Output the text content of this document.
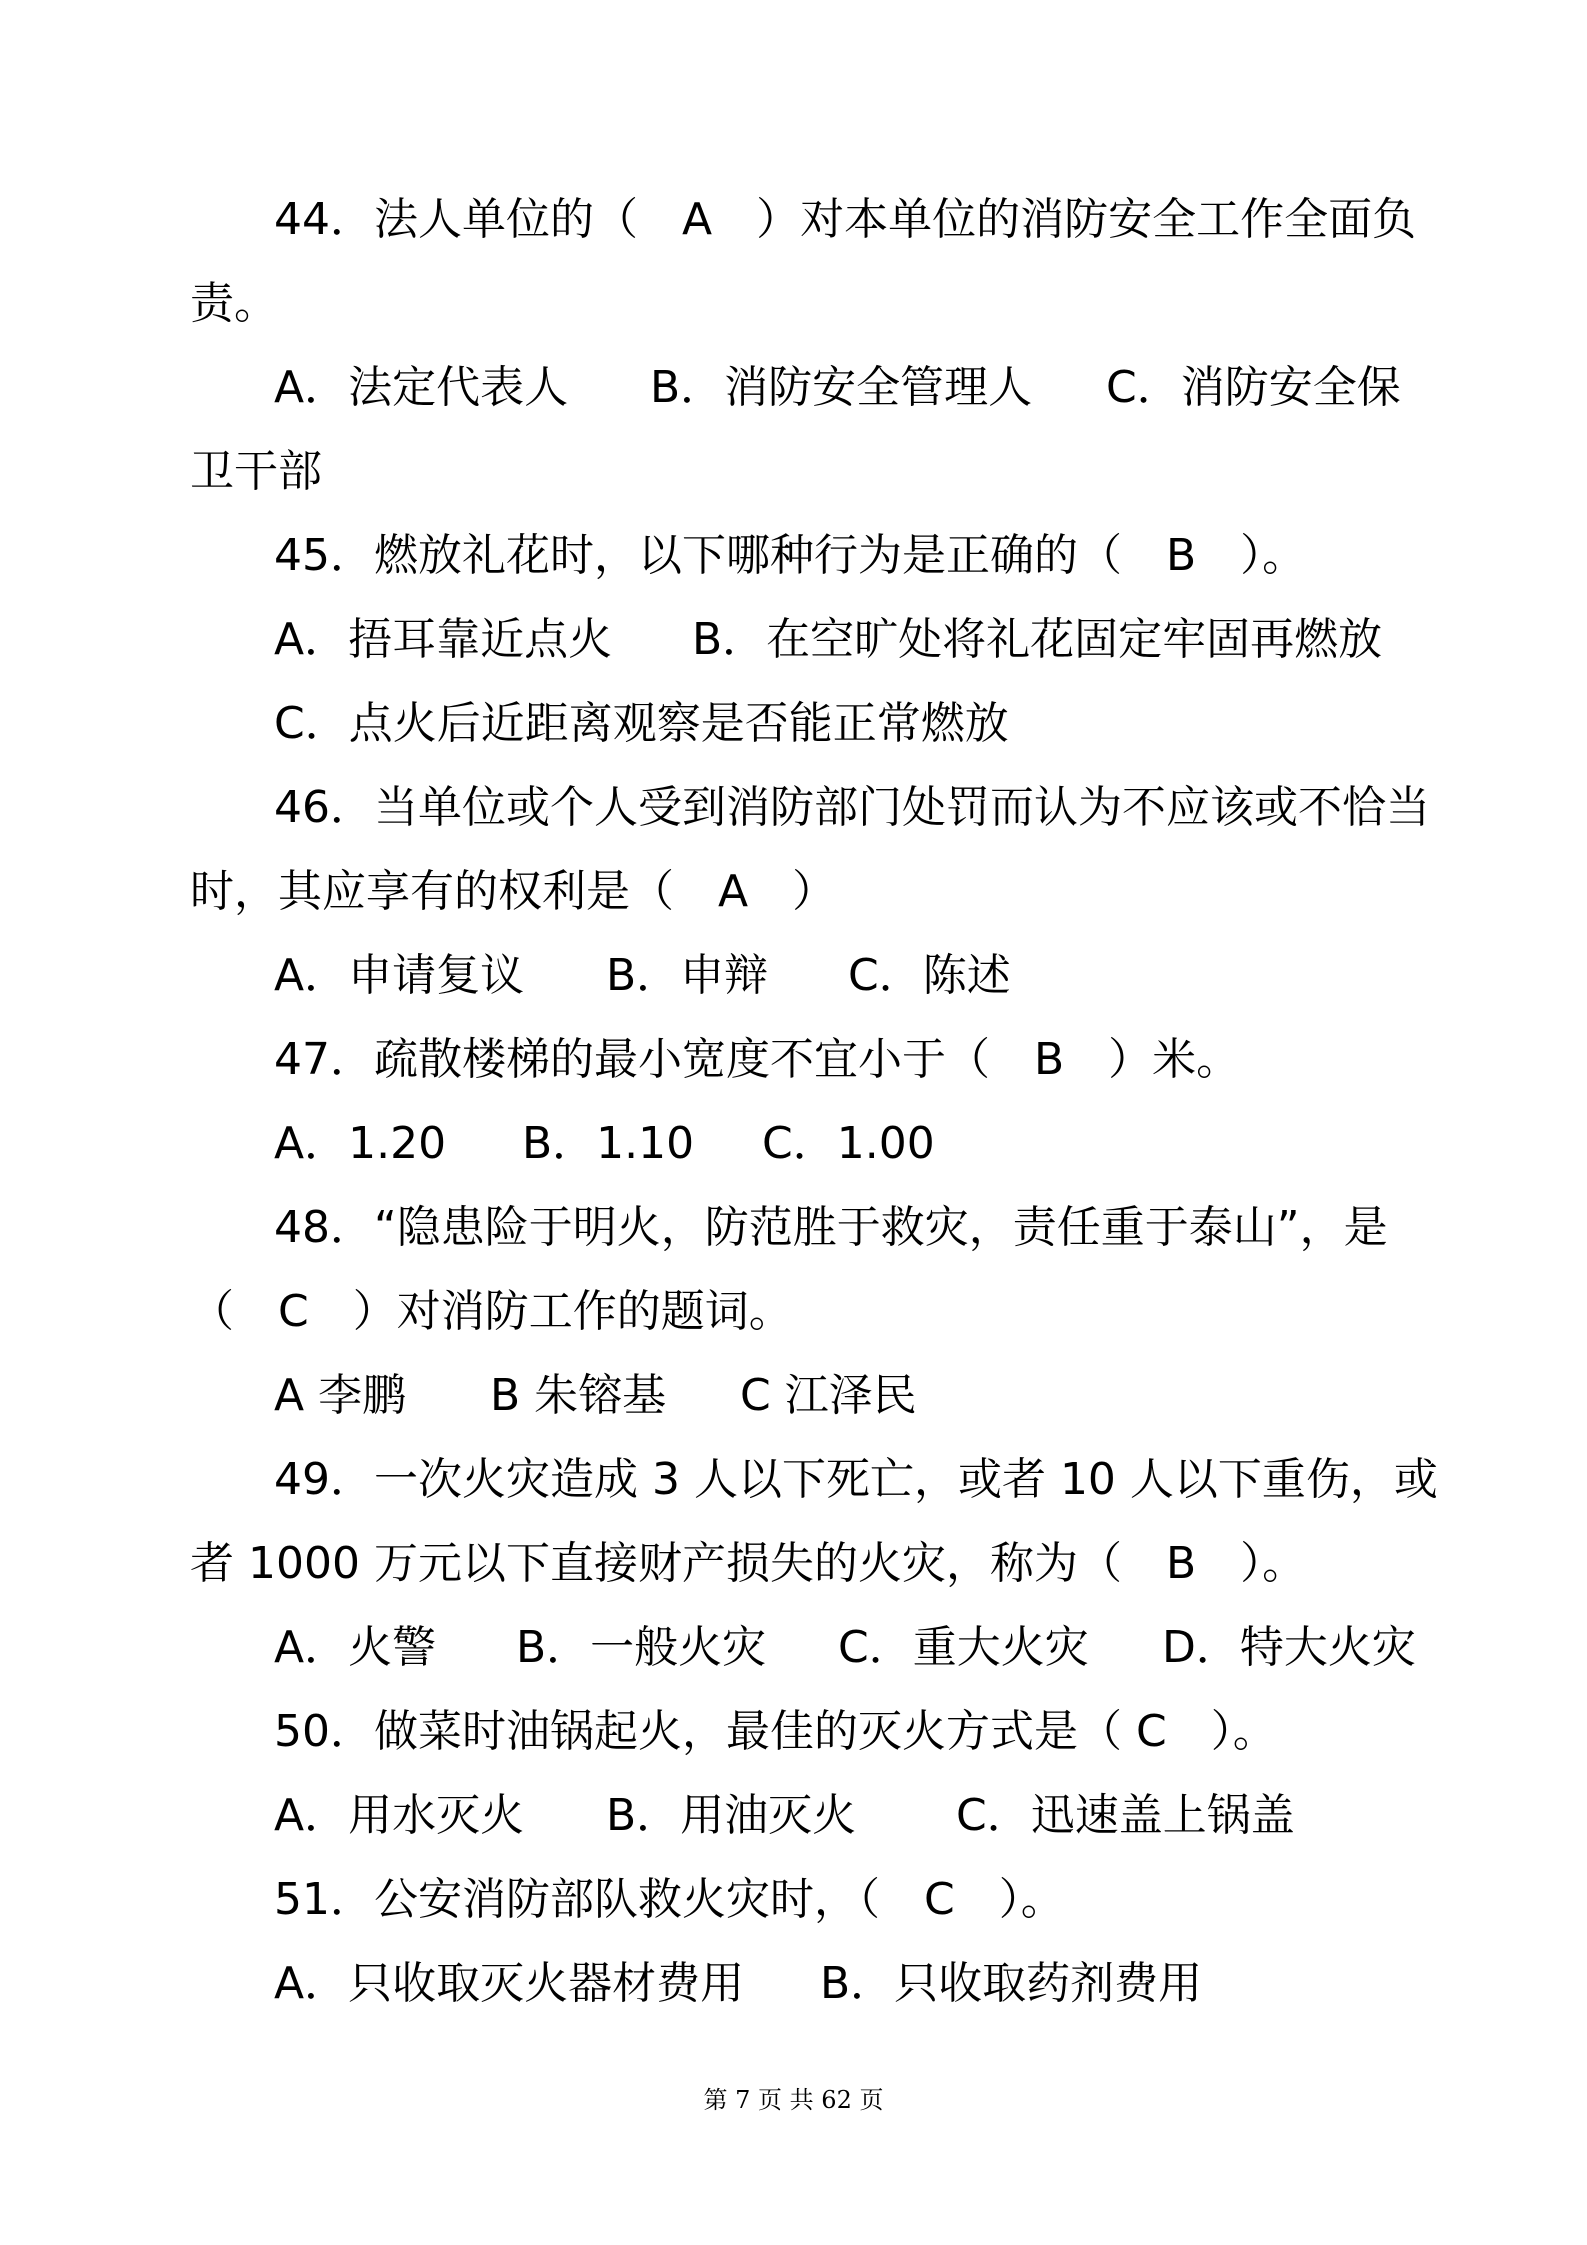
44．法人单位的（　A　）对本单位的消防安全工作全面负
责。
A．法定代表人 B．消防安全管理人 C．消防安全保
卫干部
45．燃放礼花时，以下哪种行为是正确的（　B　）。
A．捂耳靠近点火 B．在空旷处将礼花固定牢固再燃放
C．点火后近距离观察是否能正常燃放
46．当单位或个人受到消防部门处罚而认为不应该或不恰当
时，其应享有的权利是（　A　）
A．申请复议 B．申辩 C．陈述
47．疏散楼梯的最小宽度不宜小于（　B　）米。
A．1.20 B．1.10 C．1.00
48．“隐患险于明火，防范胜于救灾，责任重于泰山”，是
（　C　）对消防工作的题词。
A 李鹏 B 朱镕基 C 江泽民
49．一次火灾造成 3 人以下死亡，或者 10 人以下重伤，或
者 1000 万元以下直接财产损失的火灾，称为（　B　）。
A．火警 B．一般火灾 C．重大火灾 D．特大火灾
50．做菜时油锅起火，最佳的灭火方式是（ C　）。
A．用水灭火 B．用油灭火 C．迅速盖上锅盖
51．公安消防部队救火灾时，（　C　）。
A．只收取灭火器材费用 B．只收取药剂费用
第 7 页 共 62 页
